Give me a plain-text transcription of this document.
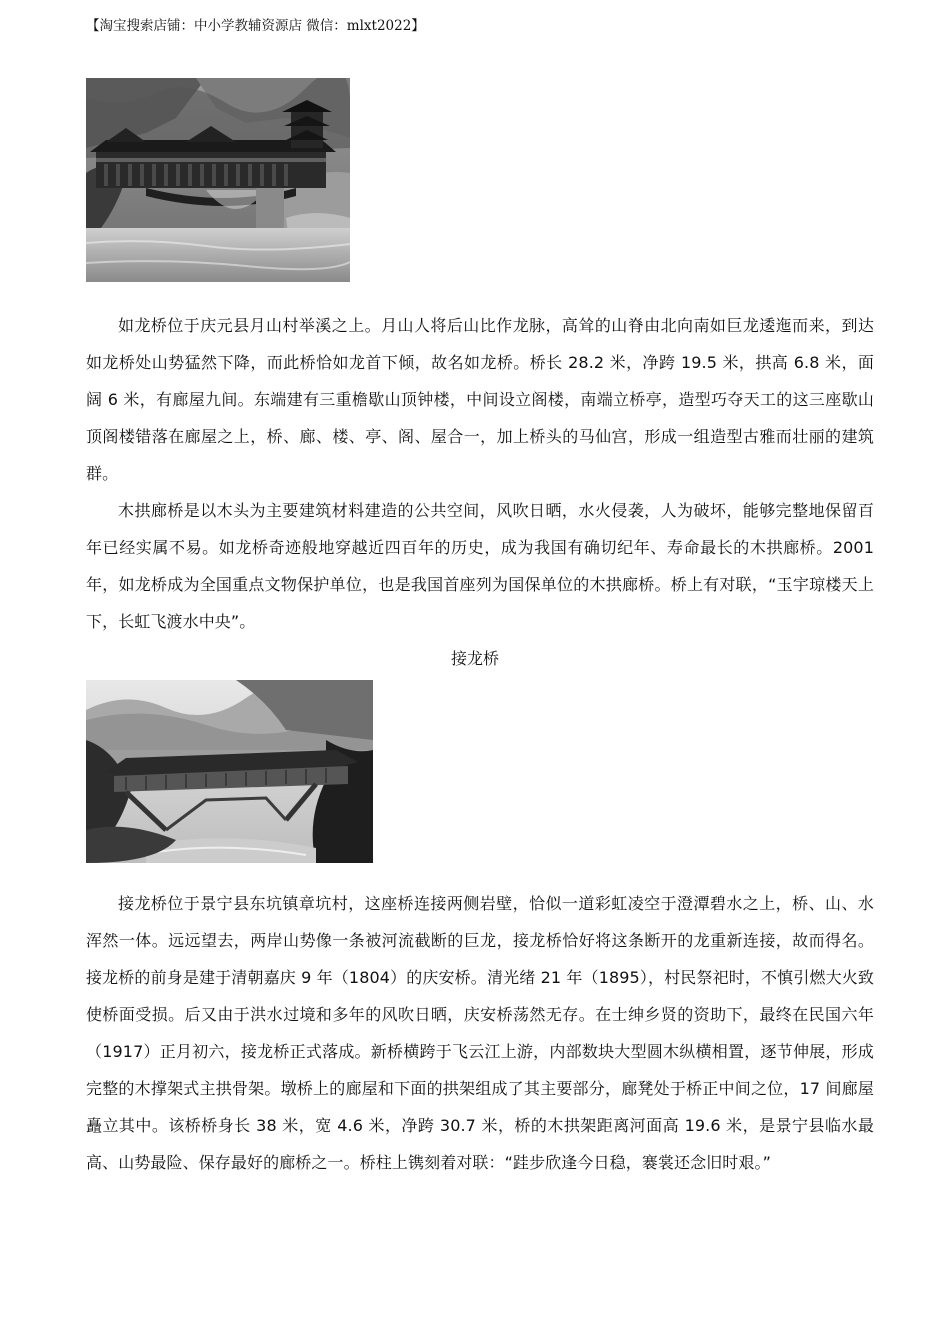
【淘宝搜索店铺：中小学教辅资源店 微信：mlxt2022】

如龙桥位于庆元县月山村举溪之上。月山人将后山比作龙脉，高耸的山脊由北向南如巨龙逶迤而来，到达如龙桥处山势猛然下降，而此桥恰如龙首下倾，故名如龙桥。桥长 28.2 米，净跨 19.5 米，拱高 6.8 米，面阔 6 米，有廊屋九间。东端建有三重檐歇山顶钟楼，中间设立阁楼，南端立桥亭，造型巧夺天工的这三座歇山顶阁楼错落在廊屋之上，桥、廊、楼、亭、阁、屋合一，加上桥头的马仙宫，形成一组造型古雅而壮丽的建筑群。

木拱廊桥是以木头为主要建筑材料建造的公共空间，风吹日晒，水火侵袭，人为破坏，能够完整地保留百年已经实属不易。如龙桥奇迹般地穿越近四百年的历史，成为我国有确切纪年、寿命最长的木拱廊桥。2001 年，如龙桥成为全国重点文物保护单位，也是我国首座列为国保单位的木拱廊桥。桥上有对联，“玉宇琼楼天上下，长虹飞渡水中央”。

接龙桥

接龙桥位于景宁县东坑镇章坑村，这座桥连接两侧岩壁，恰似一道彩虹凌空于澄潭碧水之上，桥、山、水浑然一体。远远望去，两岸山势像一条被河流截断的巨龙，接龙桥恰好将这条断开的龙重新连接，故而得名。接龙桥的前身是建于清朝嘉庆 9 年（1804）的庆安桥。清光绪 21 年（1895），村民祭祀时，不慎引燃大火致使桥面受损。后又由于洪水过境和多年的风吹日晒，庆安桥荡然无存。在士绅乡贤的资助下，最终在民国六年（1917）正月初六，接龙桥正式落成。新桥横跨于飞云江上游，内部数块大型圆木纵横相置，逐节伸展，形成完整的木撑架式主拱骨架。墩桥上的廊屋和下面的拱架组成了其主要部分，廊凳处于桥正中间之位，17 间廊屋矗立其中。该桥桥身长 38 米，宽 4.6 米，净跨 30.7 米，桥的木拱架距离河面高 19.6 米，是景宁县临水最高、山势最险、保存最好的廊桥之一。桥柱上镌刻着对联：“跬步欣逢今日稳，褰裳还念旧时艰。”
